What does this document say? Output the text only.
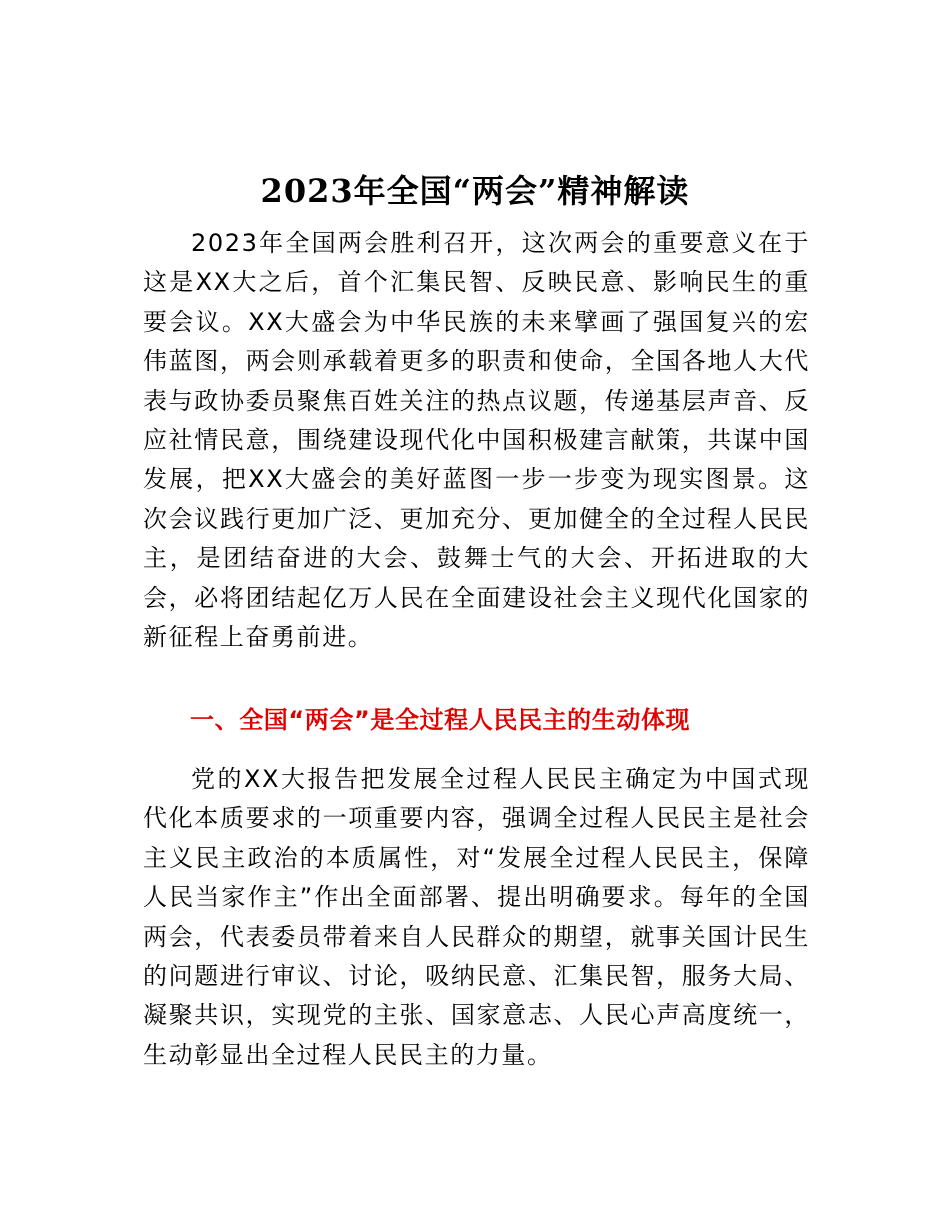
2023年全国“两会”精神解读

2023年全国两会胜利召开，这次两会的重要意义在于这是XX大之后，首个汇集民智、反映民意、影响民生的重要会议。XX大盛会为中华民族的未来擘画了强国复兴的宏伟蓝图，两会则承载着更多的职责和使命，全国各地人大代表与政协委员聚焦百姓关注的热点议题，传递基层声音、反应社情民意，围绕建设现代化中国积极建言献策，共谋中国发展，把XX大盛会的美好蓝图一步一步变为现实图景。这次会议践行更加广泛、更加充分、更加健全的全过程人民民主，是团结奋进的大会、鼓舞士气的大会、开拓进取的大会，必将团结起亿万人民在全面建设社会主义现代化国家的新征程上奋勇前进。

一、全国“两会”是全过程人民民主的生动体现

党的XX大报告把发展全过程人民民主确定为中国式现代化本质要求的一项重要内容，强调全过程人民民主是社会主义民主政治的本质属性，对“发展全过程人民民主，保障人民当家作主”作出全面部署、提出明确要求。每年的全国两会，代表委员带着来自人民群众的期望，就事关国计民生的问题进行审议、讨论，吸纳民意、汇集民智，服务大局、凝聚共识，实现党的主张、国家意志、人民心声高度统一，生动彰显出全过程人民民主的力量。
